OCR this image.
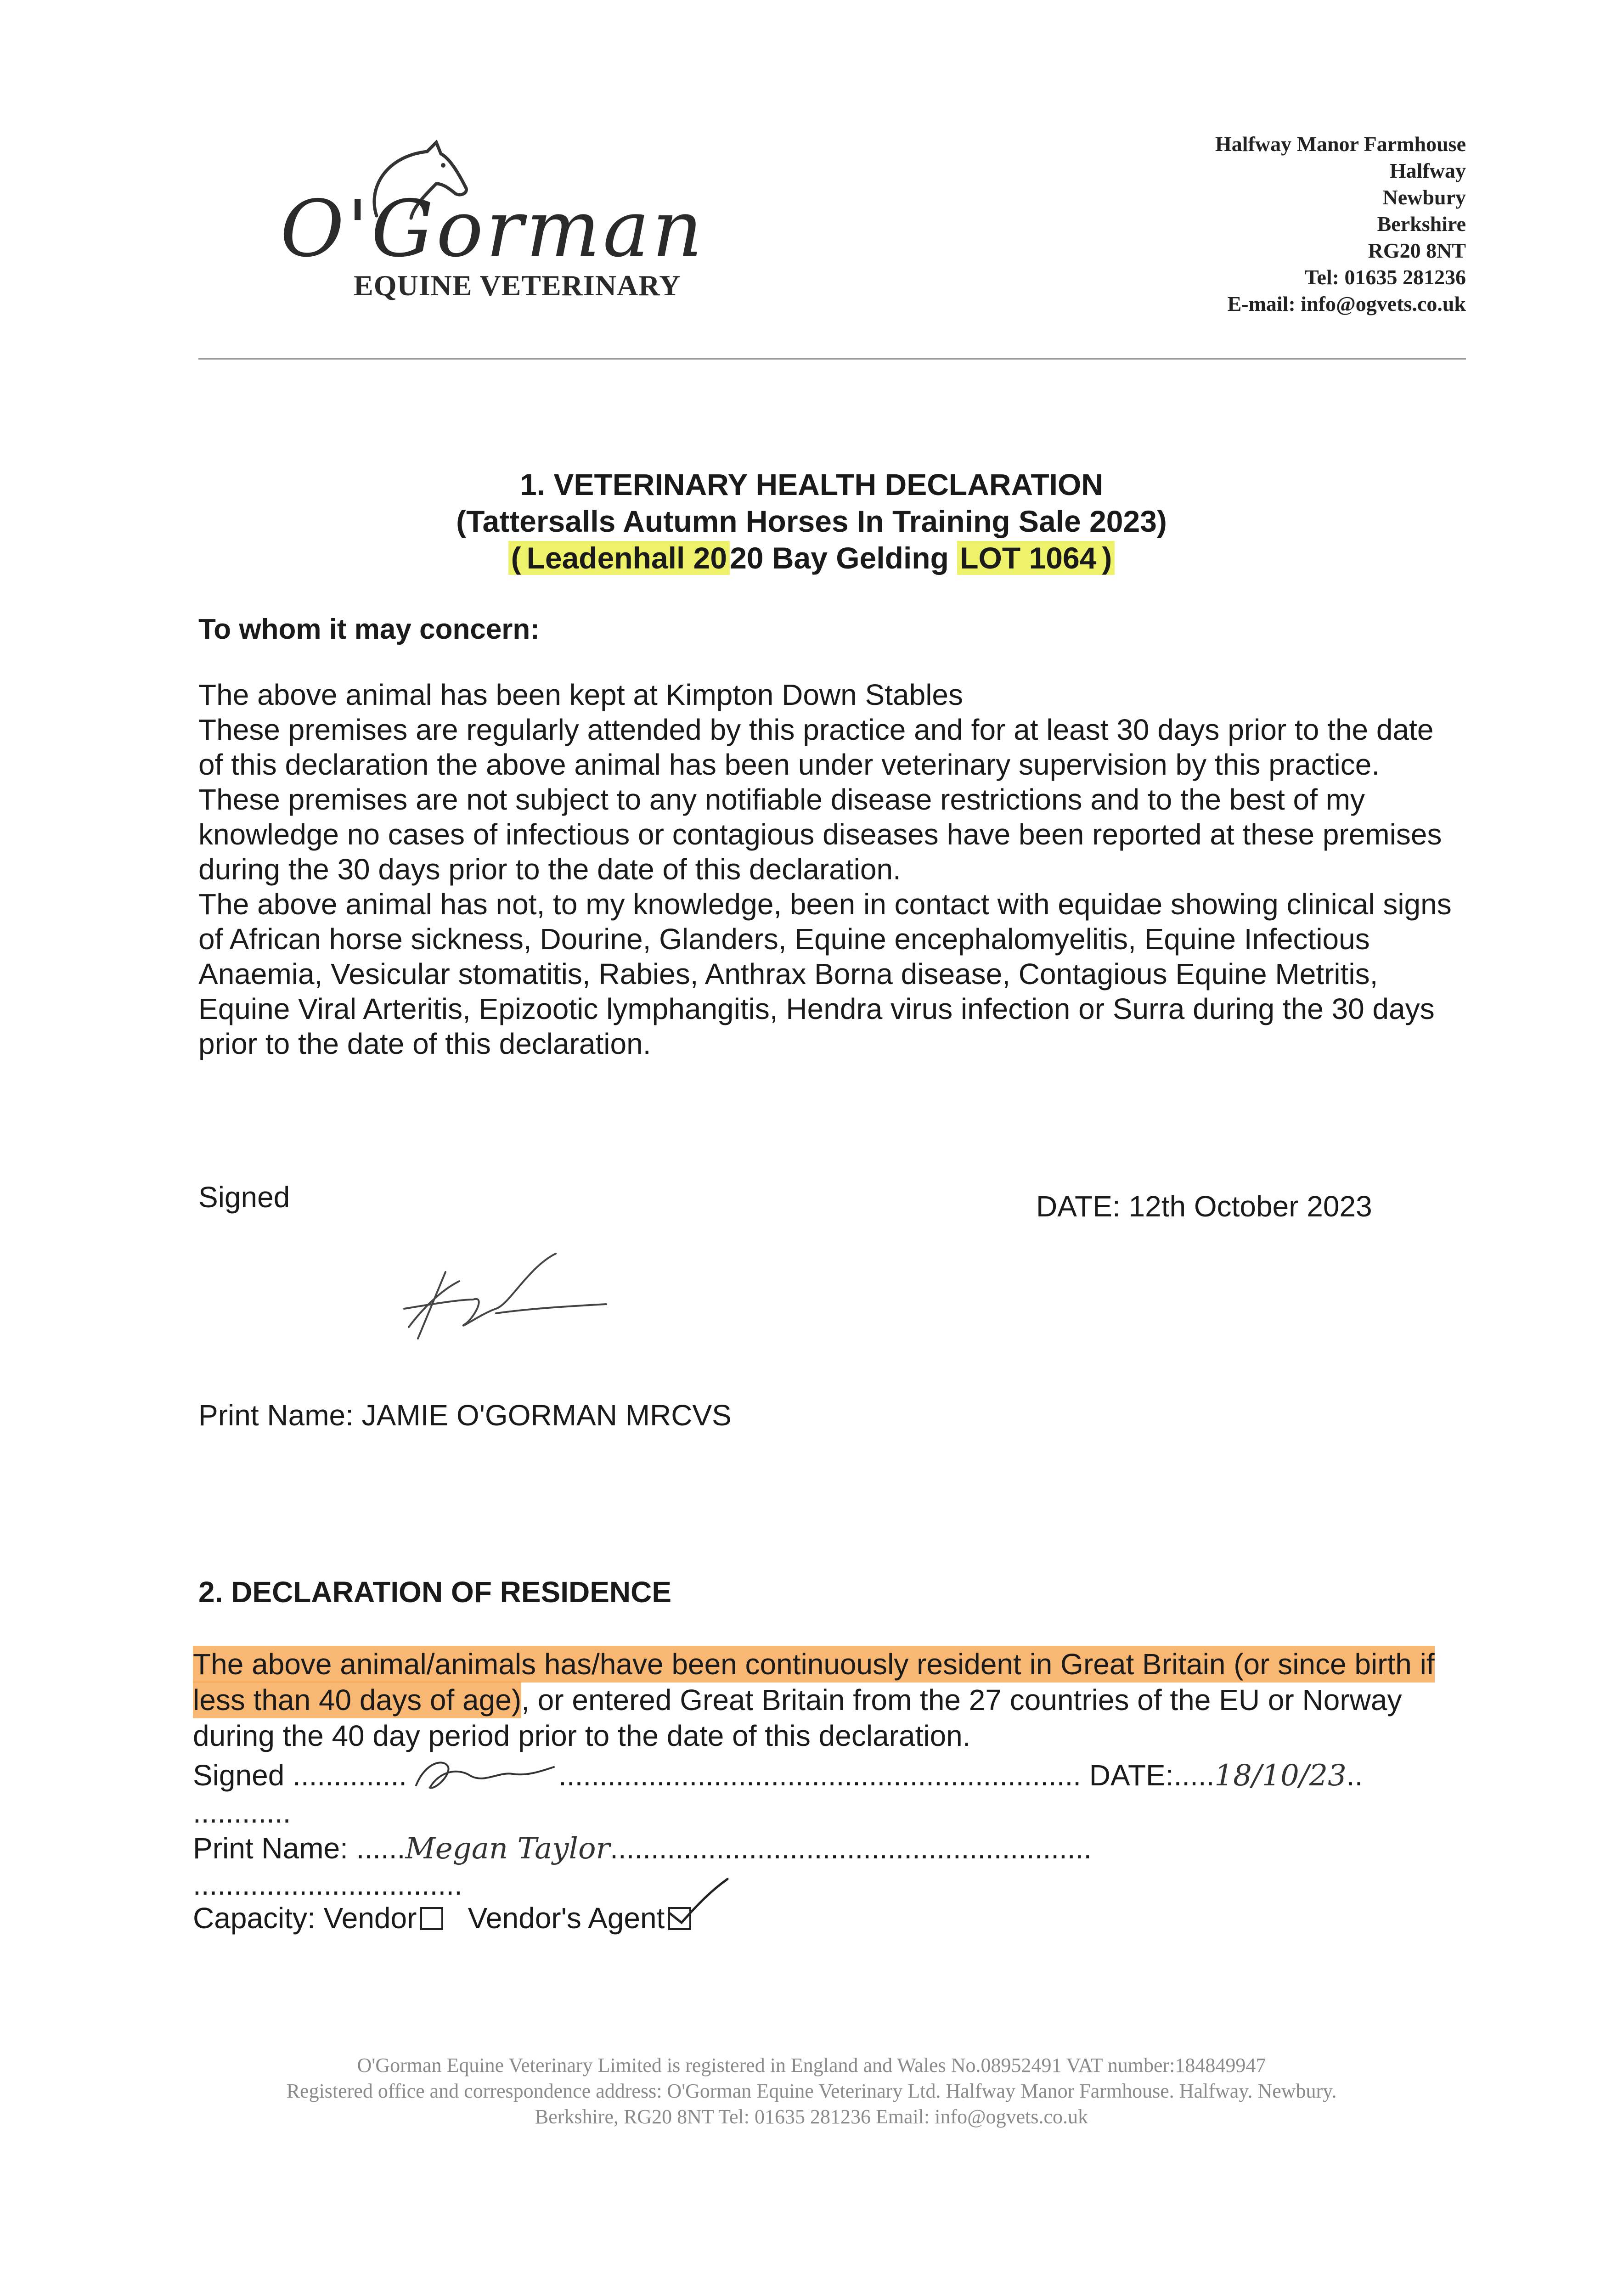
O'Gorman
EQUINE VETERINARY
Halfway Manor Farmhouse
Halfway
Newbury
Berkshire
RG20 8NT
Tel: 01635 281236
E-mail: info@ogvets.co.uk
1. VETERINARY HEALTH DECLARATION
(Tattersalls Autumn Horses In Training Sale 2023)
( Leadenhall 2020 Bay Gelding LOT 1064 )
To whom it may concern:

The above animal has been kept at Kimpton Down Stables

These premises are regularly attended by this practice and for at least 30 days prior to the date of this declaration the above animal has been under veterinary supervision by this practice.

These premises are not subject to any notifiable disease restrictions and to the best of my knowledge no cases of infectious or contagious diseases have been reported at these premises during the 30 days prior to the date of this declaration.

The above animal has not, to my knowledge, been in contact with equidae showing clinical signs of African horse sickness, Dourine, Glanders, Equine encephalomyelitis, Equine Infectious Anaemia, Vesicular stomatitis, Rabies, Anthrax Borna disease, Contagious Equine Metritis, Equine Viral Arteritis, Epizootic lymphangitis, Hendra virus infection or Surra during the 30 days prior to the date of this declaration.

Signed	DATE: 12th October 2023
Print Name: JAMIE O'GORMAN MRCVS
2. DECLARATION OF RESIDENCE
The above animal/animals has/have been continuously resident in Great Britain (or since birth if less than 40 days of age), or entered Great Britain from the 27 countries of the EU or Norway during the 40 day period prior to the date of this declaration.
Signed ..............	................................................................ DATE:.....18/10/23..
............
Print Name: ......Megan Taylor...........................................................
.................................
Capacity: Vendor Vendor's Agent
O'Gorman Equine Veterinary Limited is registered in England and Wales No.08952491 VAT number:184849947
Registered office and correspondence address: O'Gorman Equine Veterinary Ltd. Halfway Manor Farmhouse. Halfway. Newbury.
Berkshire, RG20 8NT Tel: 01635 281236 Email: info@ogvets.co.uk
